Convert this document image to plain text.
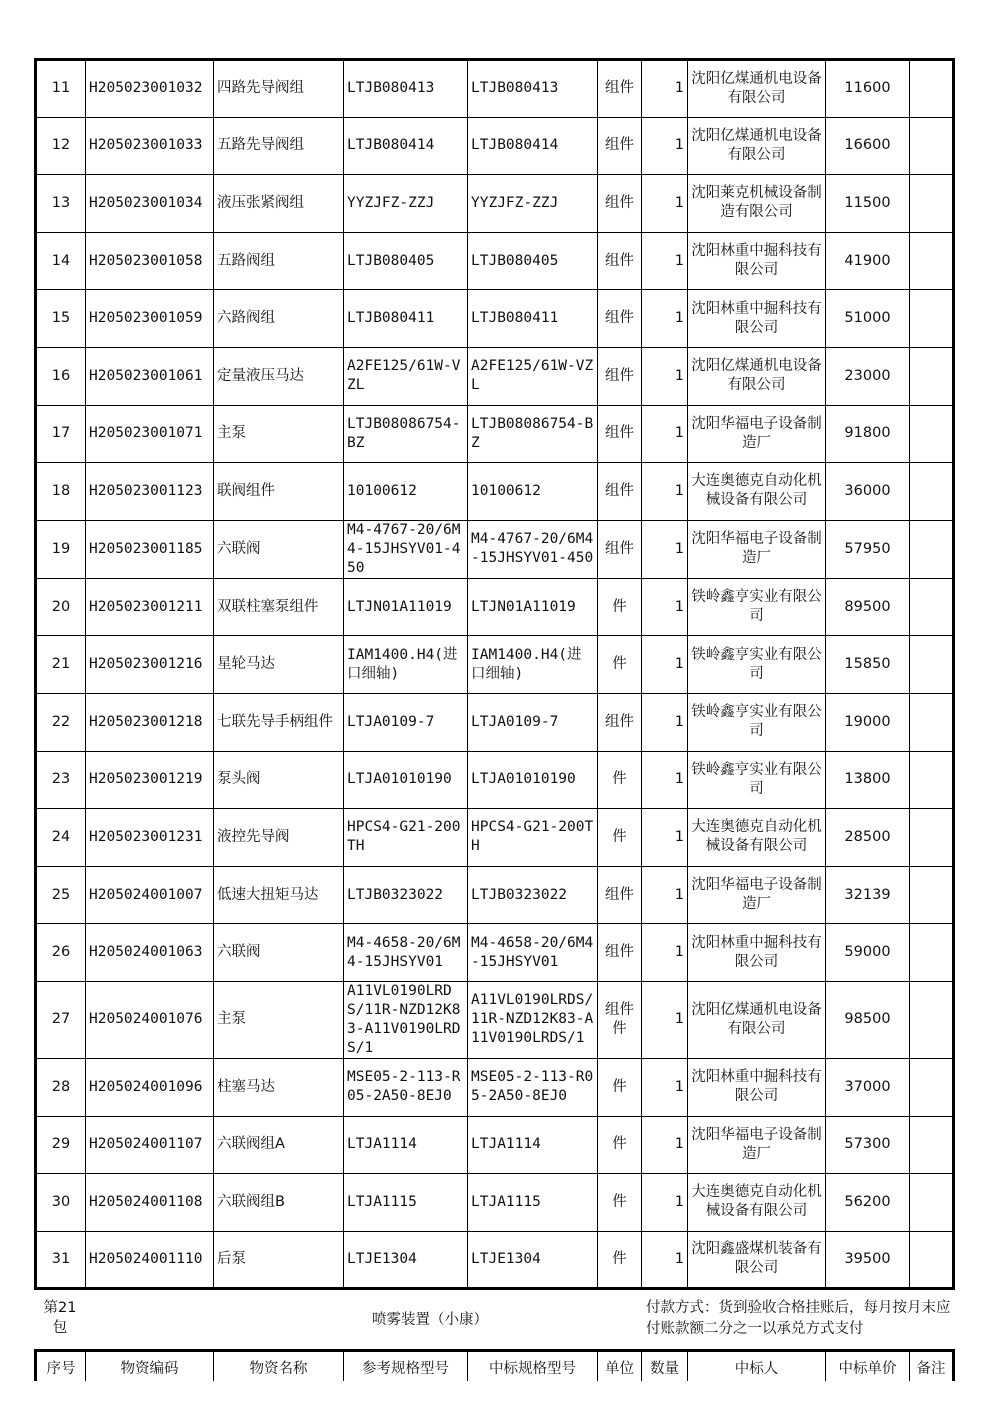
11	H205023001032	四路先导阀组	LTJB080413	LTJB080413	组件	1	沈阳亿煤通机电设备有限公司	11600	
12	H205023001033	五路先导阀组	LTJB080414	LTJB080414	组件	1	沈阳亿煤通机电设备有限公司	16600	
13	H205023001034	液压张紧阀组	YYZJFZ-ZZJ	YYZJFZ-ZZJ	组件	1	沈阳莱克机械设备制造有限公司	11500	
14	H205023001058	五路阀组	LTJB080405	LTJB080405	组件	1	沈阳林重中掘科技有限公司	41900	
15	H205023001059	六路阀组	LTJB080411	LTJB080411	组件	1	沈阳林重中掘科技有限公司	51000	
16	H205023001061	定量液压马达	A2FE125/61W-VZL	A2FE125/61W-VZL	组件	1	沈阳亿煤通机电设备有限公司	23000	
17	H205023001071	主泵	LTJB08086754-BZ	LTJB08086754-BZ	组件	1	沈阳华福电子设备制造厂	91800	
18	H205023001123	联阀组件	10100612	10100612	组件	1	大连奥德克自动化机械设备有限公司	36000	
19	H205023001185	六联阀	M4-4767-20/6M4-15JHSYV01-450	M4-4767-20/6M4-15JHSYV01-450	组件	1	沈阳华福电子设备制造厂	57950	
20	H205023001211	双联柱塞泵组件	LTJN01A11019	LTJN01A11019	件	1	铁岭鑫亨实业有限公司	89500	
21	H205023001216	星轮马达	IAM1400.H4(进口细轴)	IAM1400.H4(进口细轴)	件	1	铁岭鑫亨实业有限公司	15850	
22	H205023001218	七联先导手柄组件	LTJA0109-7	LTJA0109-7	组件	1	铁岭鑫亨实业有限公司	19000	
23	H205023001219	泵头阀	LTJA01010190	LTJA01010190	件	1	铁岭鑫亨实业有限公司	13800	
24	H205023001231	液控先导阀	HPCS4-G21-200TH	HPCS4-G21-200TH	件	1	大连奥德克自动化机械设备有限公司	28500	
25	H205024001007	低速大扭矩马达	LTJB0323022	LTJB0323022	组件	1	沈阳华福电子设备制造厂	32139	
26	H205024001063	六联阀	M4-4658-20/6M4-15JHSYV01	M4-4658-20/6M4-15JHSYV01	组件	1	沈阳林重中掘科技有限公司	59000	
27	H205024001076	主泵	A11VL0190LRDS/11R-NZD12K83-A11V0190LRDS/1	A11VL0190LRDS/11R-NZD12K83-A11V0190LRDS/1	组件件	1	沈阳亿煤通机电设备有限公司	98500	
28	H205024001096	柱塞马达	MSE05-2-113-R05-2A50-8EJ0	MSE05-2-113-R05-2A50-8EJ0	件	1	沈阳林重中掘科技有限公司	37000	
29	H205024001107	六联阀组A	LTJA1114	LTJA1114	件	1	沈阳华福电子设备制造厂	57300	
30	H205024001108	六联阀组B	LTJA1115	LTJA1115	件	1	大连奥德克自动化机械设备有限公司	56200	
31	H205024001110	后泵	LTJE1304	LTJE1304	件	1	沈阳鑫盛煤机装备有限公司	39500	
第21包	喷雾装置（小康）
付款方式：货到验收合格挂账后，每月按月末应付账款额二分之一以承兑方式支付
序号	物资编码	物资名称	参考规格型号	中标规格型号	单位	数量	中标人	中标单价	备注
